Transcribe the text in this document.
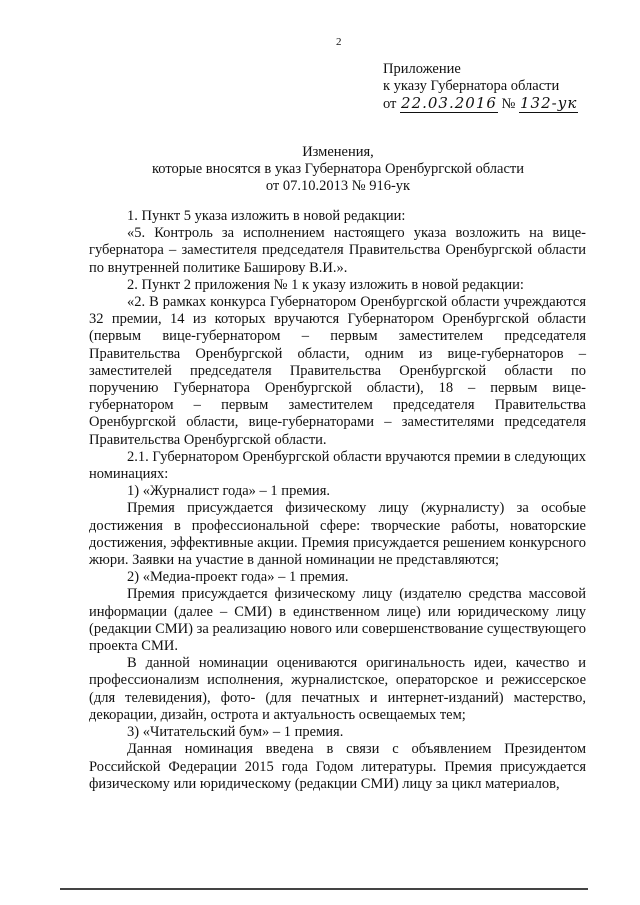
2
Приложение
к указу Губернатора области
от 22.03.2016 № 132-ук
Изменения,
которые вносятся в указ Губернатора Оренбургской области
от 07.10.2013 № 916-ук

1. Пункт 5 указа изложить в новой редакции:

«5. Контроль за исполнением настоящего указа возложить на вице-губернатора – заместителя председателя Правительства Оренбургской области по внутренней политике Баширову В.И.».

2. Пункт 2 приложения № 1 к указу изложить в новой редакции:

«2. В рамках конкурса Губернатором Оренбургской области учреждаются 32 премии, 14 из которых вручаются Губернатором Оренбургской области (первым вице-губернатором – первым заместителем председателя Правительства Оренбургской области, одним из вице-губернаторов – заместителей председателя Правительства Оренбургской области по поручению Губернатора Оренбургской области), 18 – первым вице-губернатором – первым заместителем председателя Правительства Оренбургской области, вице-губернаторами – заместителями председателя Правительства Оренбургской области.

2.1. Губернатором Оренбургской области вручаются премии в следующих номинациях:

1) «Журналист года» – 1 премия.

Премия присуждается физическому лицу (журналисту) за особые достижения в профессиональной сфере: творческие работы, новаторские достижения, эффективные акции. Премия присуждается решением конкурсного жюри. Заявки на участие в данной номинации не представляются;

2) «Медиа-проект года» – 1 премия.

Премия присуждается физическому лицу (издателю средства массовой информации (далее – СМИ) в единственном лице) или юридическому лицу (редакции СМИ) за реализацию нового или совершенствование существующего проекта СМИ.

В данной номинации оцениваются оригинальность идеи, качество и профессионализм исполнения, журналистское, операторское и режиссерское (для телевидения), фото- (для печатных и интернет-изданий) мастерство, декорации, дизайн, острота и актуальность освещаемых тем;

3) «Читательский бум» – 1 премия.

Данная номинация введена в связи с объявлением Президентом Российской Федерации 2015 года Годом литературы. Премия присуждается физическому или юридическому (редакции СМИ) лицу за цикл материалов,
